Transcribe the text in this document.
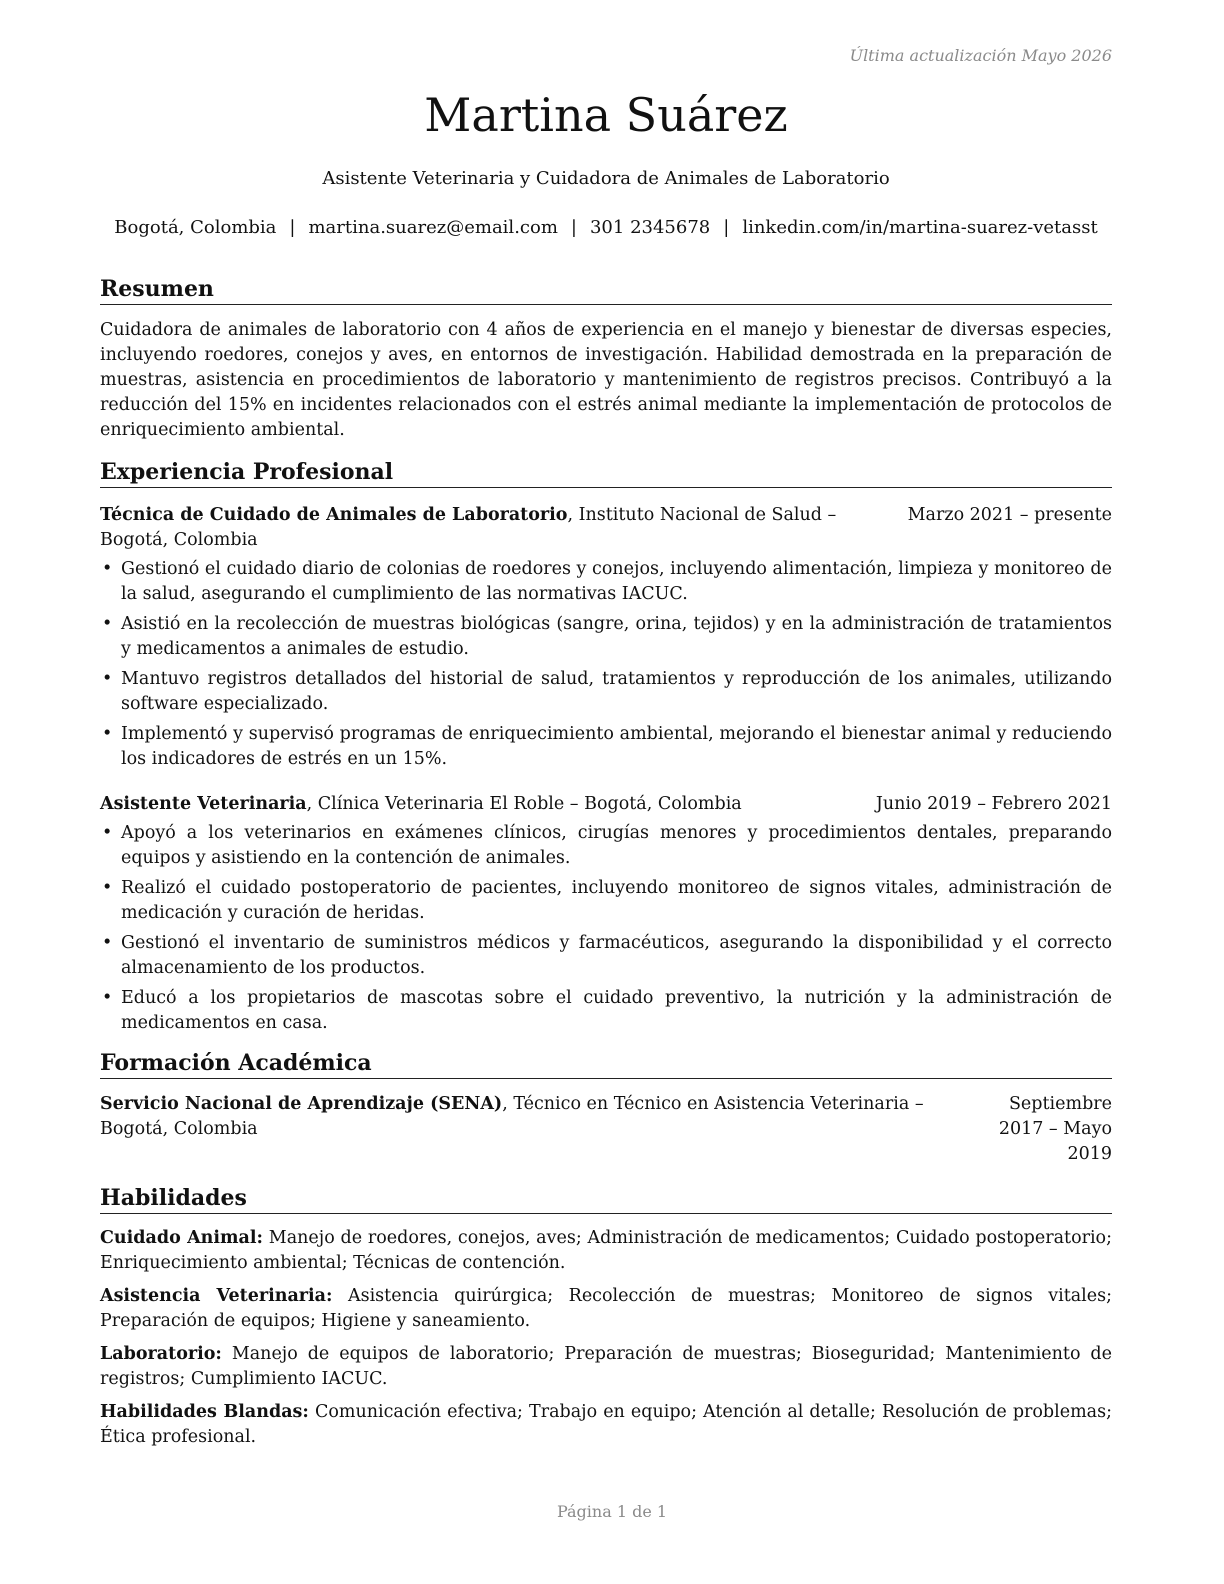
Última actualización Mayo 2026
Martina Suárez
Asistente Veterinaria y Cuidadora de Animales de Laboratorio
Bogotá, Colombia | martina.suarez@email.com | 301 2345678 | linkedin.com/in/martina-suarez-vetasst
Resumen
Cuidadora de animales de laboratorio con 4 años de experiencia en el manejo y bienestar de diversas especies, incluyendo roedores, conejos y aves, en entornos de investigación. Habilidad demostrada en la preparación de muestras, asistencia en procedimientos de laboratorio y mantenimiento de registros precisos. Contribuyó a la reducción del 15% en incidentes relacionados con el estrés animal mediante la implementación de protocolos de enriquecimiento ambiental.
Experiencia Profesional
Técnica de Cuidado de Animales de Laboratorio, Instituto Nacional de Salud – Bogotá, Colombia
Marzo 2021 – presente
• Gestionó el cuidado diario de colonias de roedores y conejos, incluyendo alimentación, limpieza y monitoreo de la salud, asegurando el cumplimiento de las normativas IACUC.
• Asistió en la recolección de muestras biológicas (sangre, orina, tejidos) y en la administración de tratamientos y medicamentos a animales de estudio.
• Mantuvo registros detallados del historial de salud, tratamientos y reproducción de los animales, utilizando software especializado.
• Implementó y supervisó programas de enriquecimiento ambiental, mejorando el bienestar animal y reduciendo los indicadores de estrés en un 15%.
Asistente Veterinaria, Clínica Veterinaria El Roble – Bogotá, Colombia	Junio 2019 – Febrero 2021
• Apoyó a los veterinarios en exámenes clínicos, cirugías menores y procedimientos dentales, preparando equipos y asistiendo en la contención de animales.
• Realizó el cuidado postoperatorio de pacientes, incluyendo monitoreo de signos vitales, administración de medicación y curación de heridas.
• Gestionó el inventario de suministros médicos y farmacéuticos, asegurando la disponibilidad y el correcto almacenamiento de los productos.
• Educó a los propietarios de mascotas sobre el cuidado preventivo, la nutrición y la administración de medicamentos en casa.
Formación Académica
Servicio Nacional de Aprendizaje (SENA), Técnico en Técnico en Asistencia Veterinaria – Bogotá, Colombia
Septiembre 2017 – Mayo 2019
Habilidades
Cuidado Animal: Manejo de roedores, conejos, aves; Administración de medicamentos; Cuidado postoperatorio; Enriquecimiento ambiental; Técnicas de contención.
Asistencia Veterinaria: Asistencia quirúrgica; Recolección de muestras; Monitoreo de signos vitales; Preparación de equipos; Higiene y saneamiento.
Laboratorio: Manejo de equipos de laboratorio; Preparación de muestras; Bioseguridad; Mantenimiento de registros; Cumplimiento IACUC.
Habilidades Blandas: Comunicación efectiva; Trabajo en equipo; Atención al detalle; Resolución de problemas; Ética profesional.
Página 1 de 1
